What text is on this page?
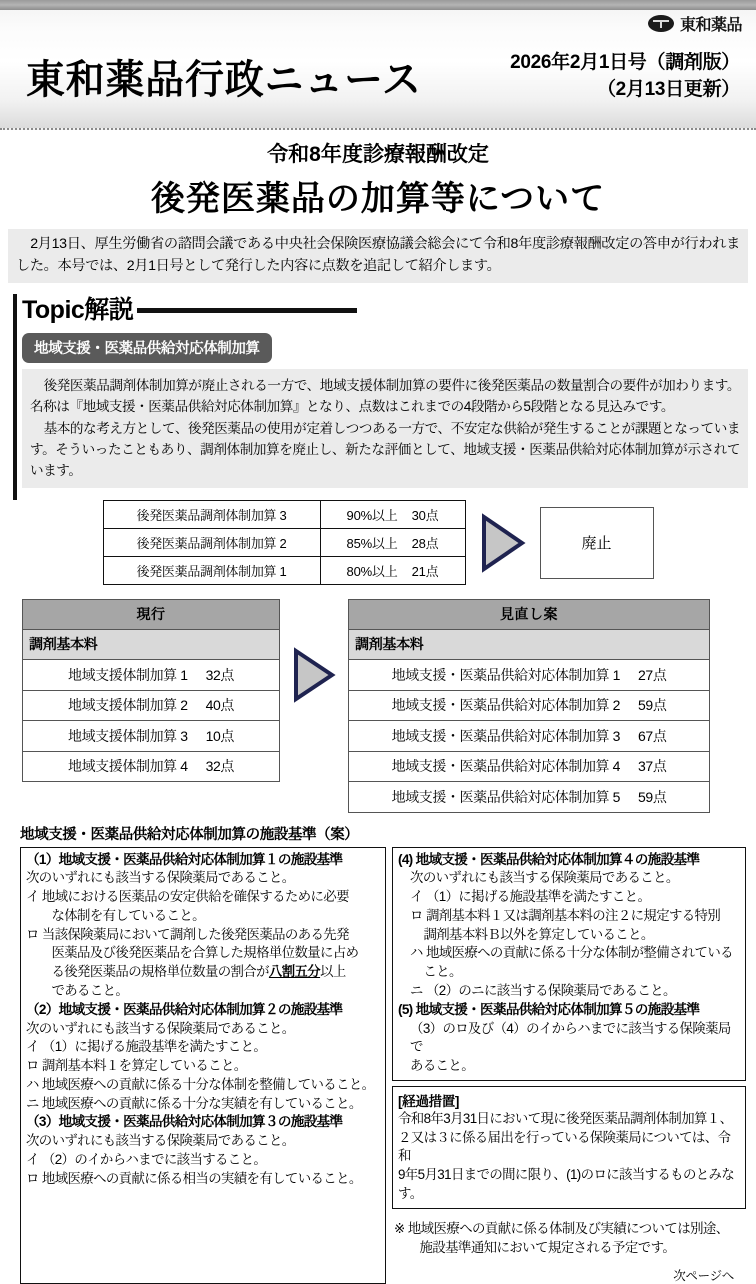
東和薬品
東和薬品行政ニュース	2026年2月1日号（調剤版）
（2月13日更新）
令和8年度診療報酬改定
後発医薬品の加算等について

2月13日、厚生労働省の諮問会議である中央社会保険医療協議会総会にて令和8年度診療報酬改定の答申が行われました。本号では、2月1日号として発行した内容に点数を追記して紹介します。

Topic解説
地域支援・医薬品供給対応体制加算

後発医薬品調剤体制加算が廃止される一方で、地域支援体制加算の要件に後発医薬品の数量割合の要件が加わります。名称は『地域支援・医薬品供給対応体制加算』となり、点数はこれまでの4段階から5段階となる見込みです。

基本的な考え方として、後発医薬品の使用が定着しつつある一方で、不安定な供給が発生することが課題となっています。そういったこともあり、調剤体制加算を廃止し、新たな評価として、地域支援・医薬品供給対応体制加算が示されています。

後発医薬品調剤体制加算 3	90%以上 30点
後発医薬品調剤体制加算 2	85%以上 28点
後発医薬品調剤体制加算 1	80%以上 21点
廃止
現行
調剤基本料

地域支援体制加算 1 32点

地域支援体制加算 2 40点

地域支援体制加算 3 10点

地域支援体制加算 4 32点
見直し案
調剤基本料

地域支援・医薬品供給対応体制加算 1 27点

地域支援・医薬品供給対応体制加算 2 59点

地域支援・医薬品供給対応体制加算 3 67点

地域支援・医薬品供給対応体制加算 4 37点

地域支援・医薬品供給対応体制加算 5 59点
地域支援・医薬品供給対応体制加算の施設基準（案）
（1）地域支援・医薬品供給対応体制加算１の施設基準
次のいずれにも該当する保険薬局であること。
イ 地域における医薬品の安定供給を確保するために必要
な体制を有していること。
ロ 当該保険薬局において調剤した後発医薬品のある先発
医薬品及び後発医薬品を合算した規格単位数量に占め
る後発医薬品の規格単位数量の割合が八割五分以上
であること。
（2）地域支援・医薬品供給対応体制加算２の施設基準
次のいずれにも該当する保険薬局であること。
イ （1）に掲げる施設基準を満たすこと。
ロ 調剤基本料１を算定していること。
ハ 地域医療への貢献に係る十分な体制を整備していること。
ニ 地域医療への貢献に係る十分な実績を有していること。
（3）地域支援・医薬品供給対応体制加算３の施設基準
次のいずれにも該当する保険薬局であること。
イ （2）のイからハまでに該当すること。
ロ 地域医療への貢献に係る相当の実績を有していること。
(4) 地域支援・医薬品供給対応体制加算４の施設基準
次のいずれにも該当する保険薬局であること。
イ （1）に掲げる施設基準を満たすこと。
ロ 調剤基本料１又は調剤基本料の注２に規定する特別
調剤基本料Ｂ以外を算定していること。
ハ 地域医療への貢献に係る十分な体制が整備されている
こと。
ニ （2）のニに該当する保険薬局であること。
(5) 地域支援・医薬品供給対応体制加算５の施設基準
（3）のロ及び（4）のイからハまでに該当する保険薬局で
あること。
[経過措置]
令和8年3月31日において現に後発医薬品調剤体制加算１、
２又は３に係る届出を行っている保険薬局については、令和
9年5月31日までの間に限り、(1)のロに該当するものとみなす。
※ 地域医療への貢献に係る体制及び実績については別途、
施設基準通知において規定される予定です。
次ページへ
